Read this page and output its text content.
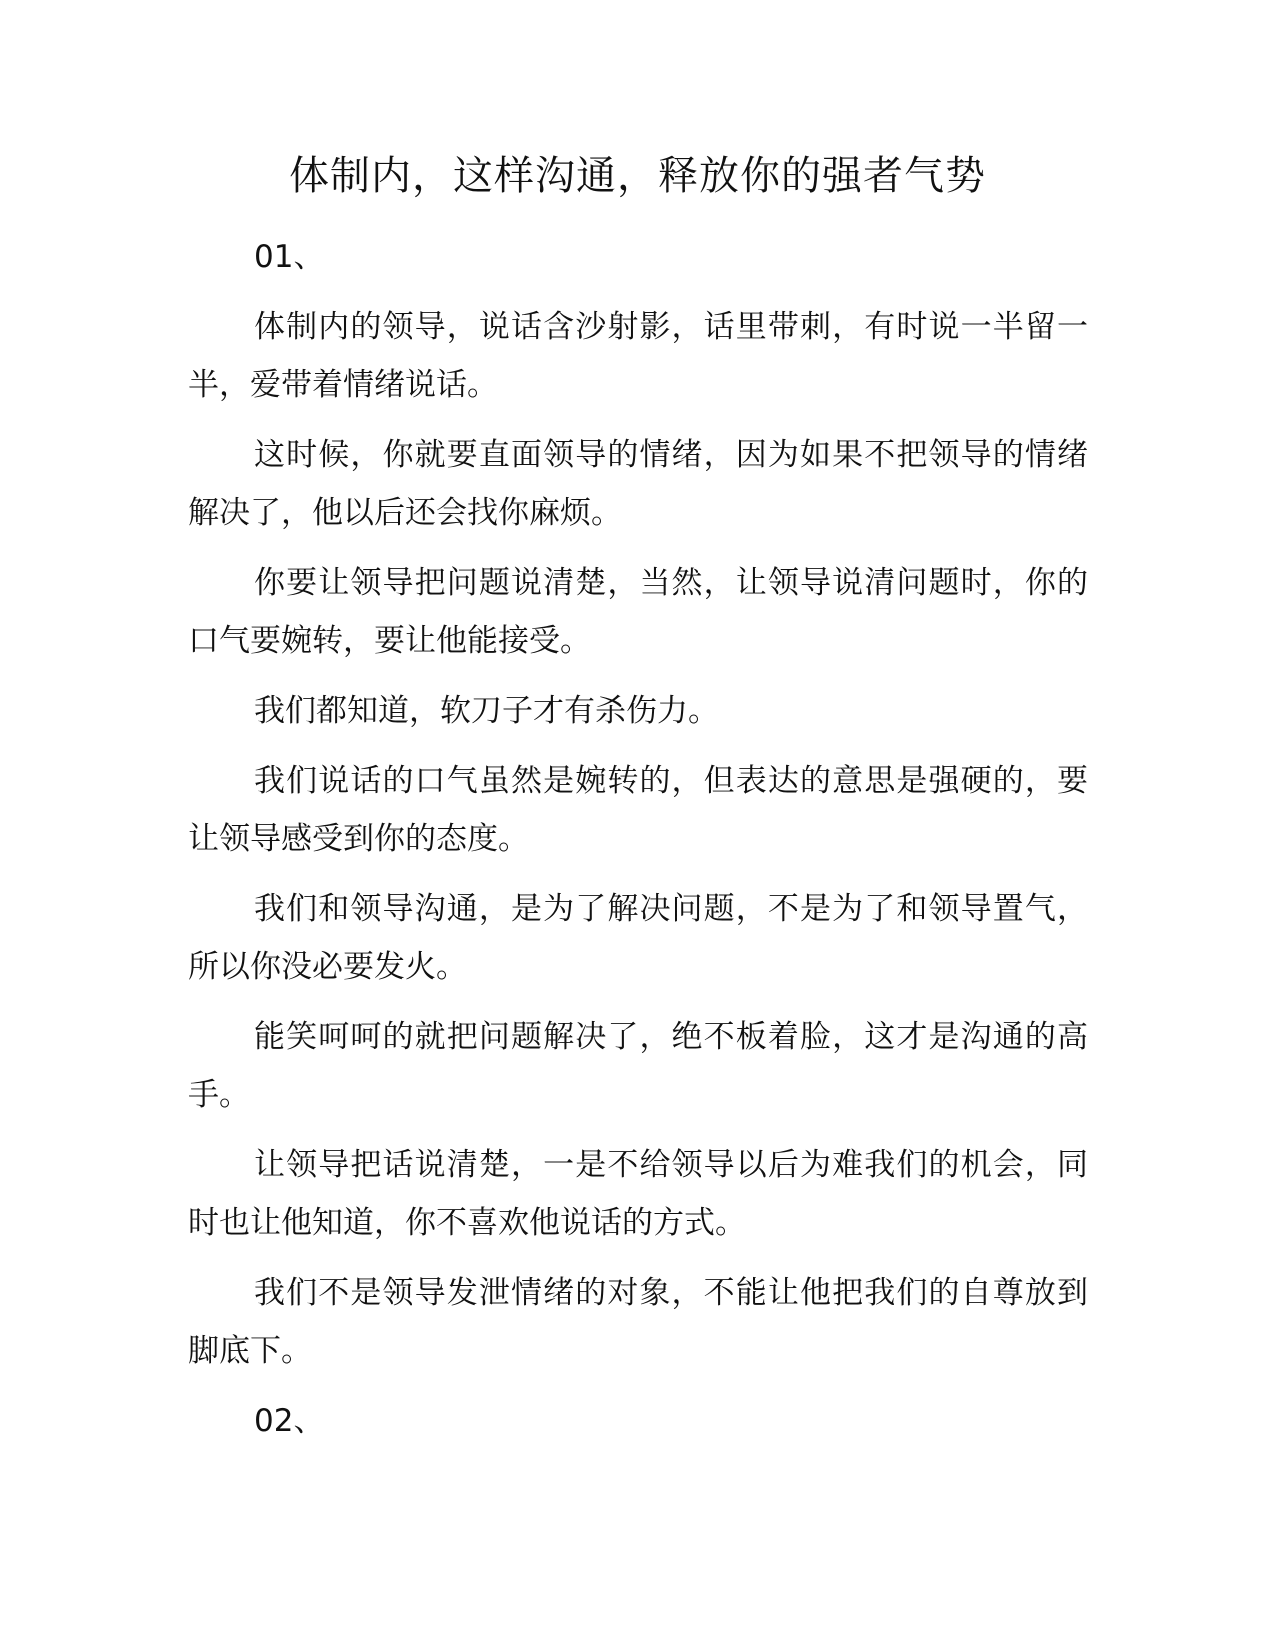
体制内，这样沟通，释放你的强者气势

01、

体制内的领导，说话含沙射影，话里带刺，有时说一半留一半，爱带着情绪说话。

这时候，你就要直面领导的情绪，因为如果不把领导的情绪解决了，他以后还会找你麻烦。

你要让领导把问题说清楚，当然，让领导说清问题时，你的口气要婉转，要让他能接受。

我们都知道，软刀子才有杀伤力。

我们说话的口气虽然是婉转的，但表达的意思是强硬的，要让领导感受到你的态度。

我们和领导沟通，是为了解决问题，不是为了和领导置气，所以你没必要发火。

能笑呵呵的就把问题解决了，绝不板着脸，这才是沟通的高手。

让领导把话说清楚，一是不给领导以后为难我们的机会，同时也让他知道，你不喜欢他说话的方式。

我们不是领导发泄情绪的对象，不能让他把我们的自尊放到脚底下。

02、
